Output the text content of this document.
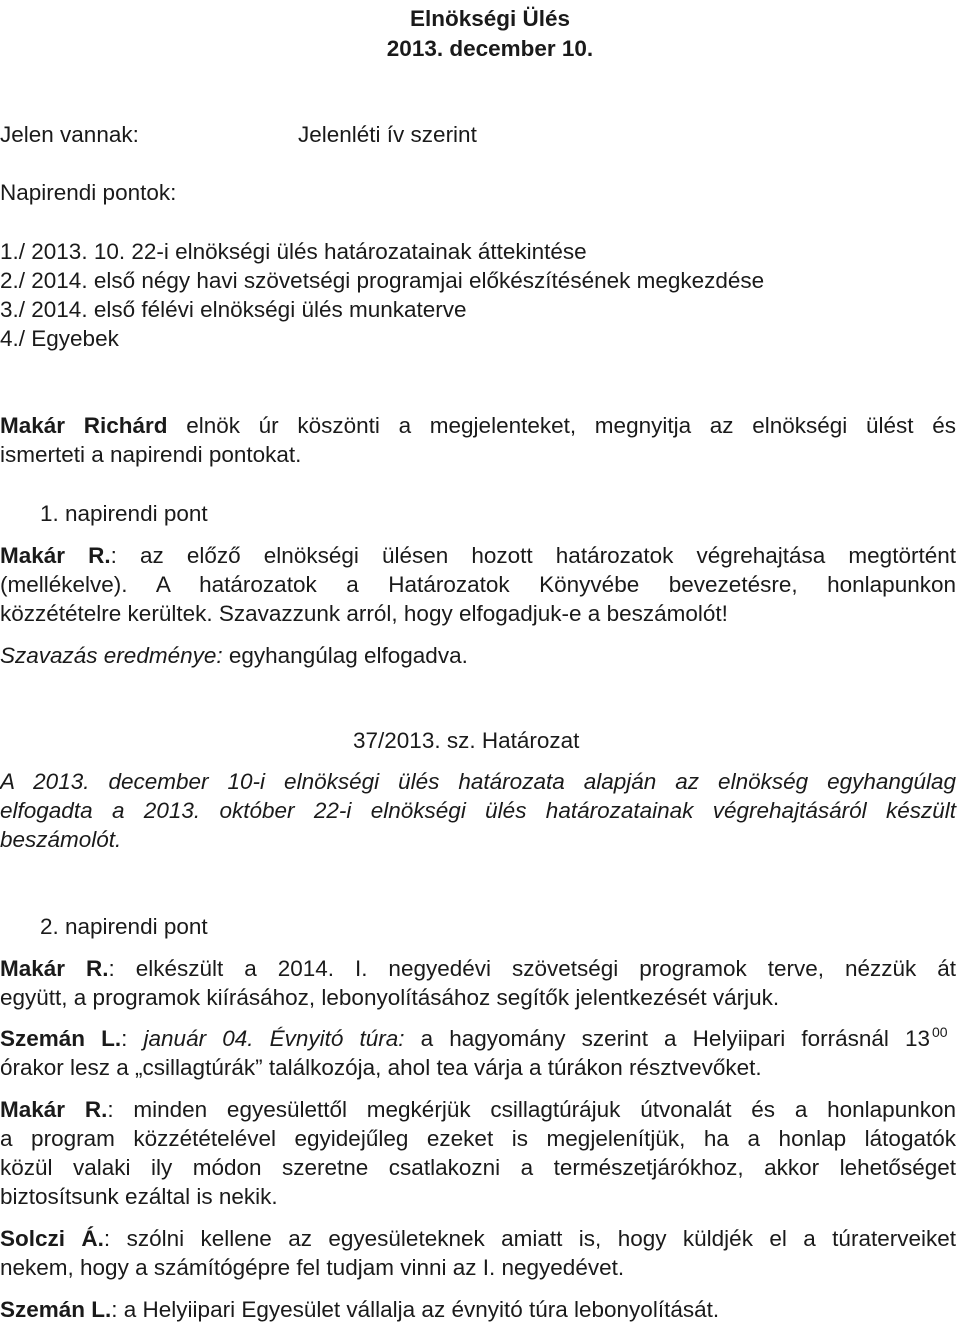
Elnökségi Ülés
2013. december 10.
Jelen vannak:	Jelenléti ív szerint
Napirendi pontok:
1./ 2013. 10. 22-i elnökségi ülés határozatainak áttekintése
2./ 2014. első négy havi szövetségi programjai előkészítésének megkezdése
3./ 2014. első félévi elnökségi ülés munkaterve
4./ Egyebek
Makár Richárd elnök úr köszönti a megjelenteket, megnyitja az elnökségi ülést és
ismerteti a napirendi pontokat.
1. napirendi pont
Makár R.: az előző elnökségi ülésen hozott határozatok végrehajtása megtörtént
(mellékelve). A határozatok a Határozatok Könyvébe bevezetésre, honlapunkon
közzétételre kerültek. Szavazzunk arról, hogy elfogadjuk-e a beszámolót!
Szavazás eredménye: egyhangúlag elfogadva.
37/2013. sz. Határozat
A 2013. december 10-i elnökségi ülés határozata alapján az elnökség egyhangúlag
elfogadta a 2013. október 22-i elnökségi ülés határozatainak végrehajtásáról készült
beszámolót.
2. napirendi pont
Makár R.: elkészült a 2014. I. negyedévi szövetségi programok terve, nézzük át
együtt, a programok kiírásához, lebonyolításához segítők jelentkezését várjuk.
Szemán L.: január 04. Évnyitó túra: a hagyomány szerint a Helyiipari forrásnál 13 $^{00}$
órakor lesz a „csillagtúrák” találkozója, ahol tea várja a túrákon résztvevőket.
Makár R.: minden egyesülettől megkérjük csillagtúrájuk útvonalát és a honlapunkon
a program közzétételével egyidejűleg ezeket is megjelenítjük, ha a honlap látogatók
közül valaki ily módon szeretne csatlakozni a természetjárókhoz, akkor lehetőséget
biztosítsunk ezáltal is nekik.
Solczi Á.: szólni kellene az egyesületeknek amiatt is, hogy küldjék el a túraterveiket
nekem, hogy a számítógépre fel tudjam vinni az I. negyedévet.
Szemán L.: a Helyiipari Egyesület vállalja az évnyitó túra lebonyolítását.
